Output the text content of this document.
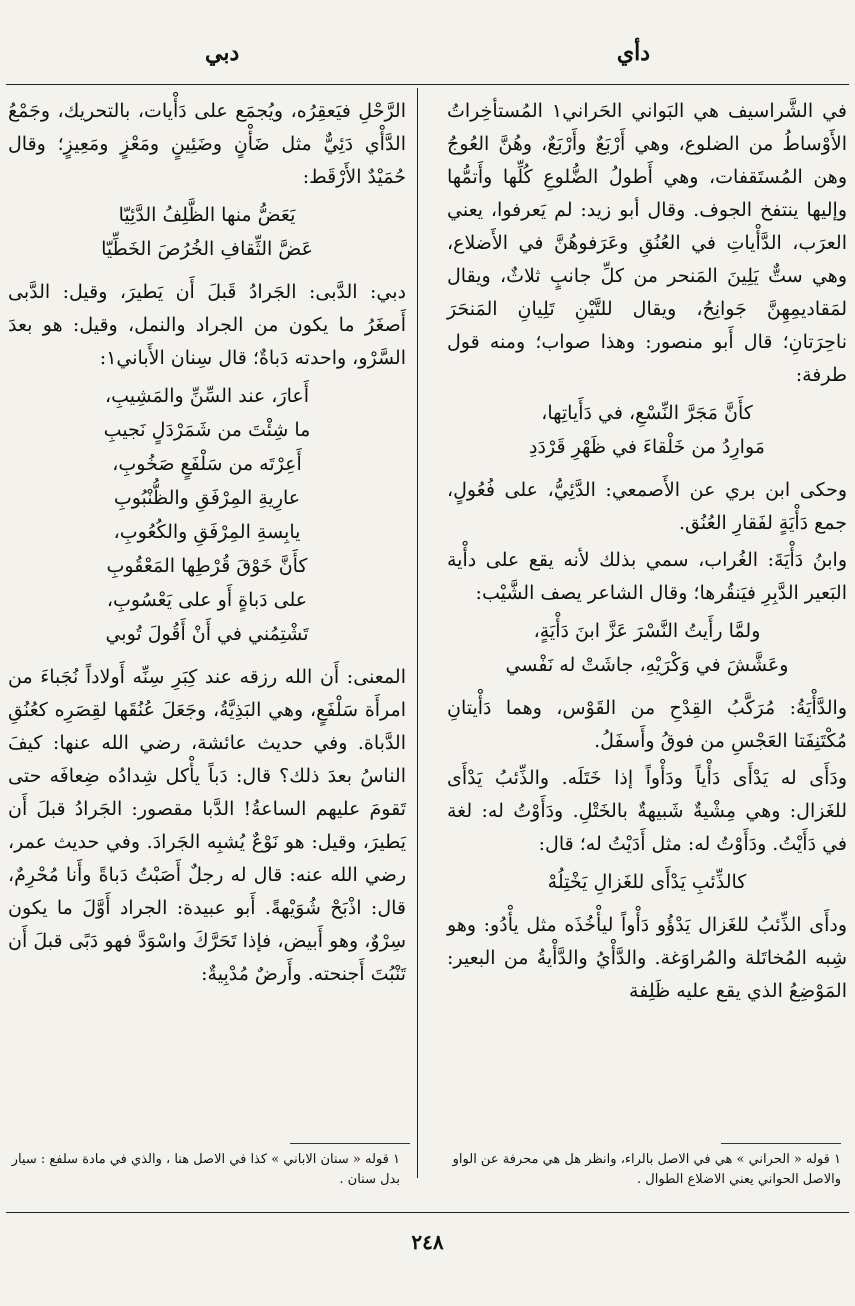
دأي
دبي

في الشَّراسيف هي البَواني الحَراني١ المُستأخِراتُ الأَوْساطُ من الضلوع، وهي أَرْبَعٌ وأَرْبَعٌ، وهُنَّ العُوجُ وهن المُستَقفات، وهي أَطولُ الضُّلوعِ كُلِّها وأَتمُّها وإليها ينتفخ الجوف. وقال أبو زيد: لم يَعرفوا، يعني العرَب، الدَّأْياتِ في العُنُقِ وعَرَفوهُنَّ في الأَضلاع، وهي ستٌّ يَلِينَ المَنحر من كلِّ جانبٍ ثلاثٌ، ويقال لمَقاديمِهِنَّ جَوانِحُ، ويقال للتَّيْنِ تَلِيانِ المَنحَرَ ناحِرَتانِ؛ قال أَبو منصور: وهذا صواب؛ ومنه قول طرفة:

كأَنَّ مَجَرَّ النِّسْعِ، في دَأَياتِها،
مَوارِدُ من خَلْقاءَ في ظَهْرِ قَرْدَدِ

وحكى ابن بري عن الأَصمعي: الدَّئِيُّ، على فُعُولٍ، جمع دَأْيَةٍ لفَقارِ العُنُق.

وابنُ دَأْيَةَ: الغُراب، سمي بذلك لأنه يقع على دأْية البَعير الدَّبِرِ فيَنقُرها؛ وقال الشاعر يصف الشَّيْب:

ولمَّا رأَيتُ النَّسْرَ عَزَّ ابنَ دَأْيَةٍ،
وعَشَّشَ في وَكْرَيْهِ، جاشَتْ له نَفْسي

والدَّأْيَةُ: مُرَكَّبُ القِدْحِ من القَوْس، وهما دَأْيتانِ مُكْتَنِفَتا العَجْسِ من فوقُ وأَسفَلُ.

ودَأَى له يَدْأَى دَأْياً ودَأْواً إذا خَتَلَه. والذِّئبُ يَدْأَى للغَزال: وهي مِشْيةٌ شَبيهةٌ بالخَتْلِ. ودَأَوْتُ له: لغة في دَأَيْتُ. ودَأَوْتُ له: مثل أَدَيْتُ له؛ قال:

كالذِّئبِ يَدْأَى للغَزالِ يَخْتِلُهْ

ودأَى الذِّئبُ للغَزال يَدْؤُو دَأْواً ليأْخُذَه مثل يأْدُو: وهو شِبه المُخاتَلة والمُراوَغة. والدَّأْيُ والدَّأْيةُ من البعير: المَوْضِعُ الذي يقع عليه ظَلِفة

الرَّحْلِ فيَعقِرُه، ويُجمَع على دَأْيات، بالتحريك، وجَمْعُ الدَّأْي دَئِيٌّ مثل ضَأْنٍ وضَئِينٍ ومَعْزٍ ومَعِيزٍ؛ وقال حُمَيْدٌ الأَرْقَط:

يَعَضُّ منها الظَّلِفُ الدَّئِيّا
عَضَّ الثِّقافِ الخُرُصَ الخَطِّيّا

دبي: الدَّبى: الجَرادُ قَبلَ أَن يَطيرَ، وقيل: الدَّبى أَصغَرُ ما يكون من الجراد والنمل، وقيل: هو بعدَ السَّرْو، واحدته دَباةٌ؛ قال سِنان الأَباني١:

أَعارَ، عند السِّنِّ والمَشِيبِ،
ما شِئْتَ من شَمَرْدَلٍ نَجيبِ
أَعِرْتَه من سَلْفَعٍ صَخُوبِ،
عارِيةِ المِرْفَقِ والظُّنْبُوبِ
يابِسةِ المِرْفَقِ والكُعُوبِ،
كأَنَّ خَوْقَ قُرْطِها المَعْقُوبِ
على دَباةٍ أَو على يَعْسُوبِ،
تَشْتِمُني في أَنْ أَقُولَ تُوبي

المعنى: أَن الله رزقه عند كِبَرِ سِنِّه أَولاداً نُجَباءَ من امرأَة سَلْفَعٍ، وهي البَذِيَّةُ، وجَعَلَ عُنُقَها لقِصَرِه كعُنُقِ الدَّباة. وفي حديث عائشة، رضي الله عنها: كيفَ الناسُ بعدَ ذلك؟ قال: دَباً يأْكل شِدادُه ضِعافَه حتى تَقومَ عليهم الساعةُ! الدَّبا مقصور: الجَرادُ قبلَ أَن يَطيرَ، وقيل: هو نَوْعٌ يُشبِه الجَرادَ. وفي حديث عمر، رضي الله عنه: قال له رجلٌ أَصَبْتُ دَباةً وأَنا مُحْرِمٌ، قال: اذْبَحْ شُوَيْهةً. أَبو عبيدة: الجراد أَوَّلَ ما يكون سِرْوٌ، وهو أَبيض، فإذا تَحَرَّكَ واسْوَدَّ فهو دَبًى قبلَ أَن تَنْبُتَ أَجنحته. وأَرضٌ مُدْبِيةٌ:

١ قوله « الحراني » هي في الاصل بالراء، وانظر هل هي محرفة عن الواو والاصل الحواني يعني الاضلاع الطوال .
١ قوله « سنان الاباني » كذا في الاصل هنا ، والذي في مادة سلفع : سيار بدل سنان .
٢٤٨
